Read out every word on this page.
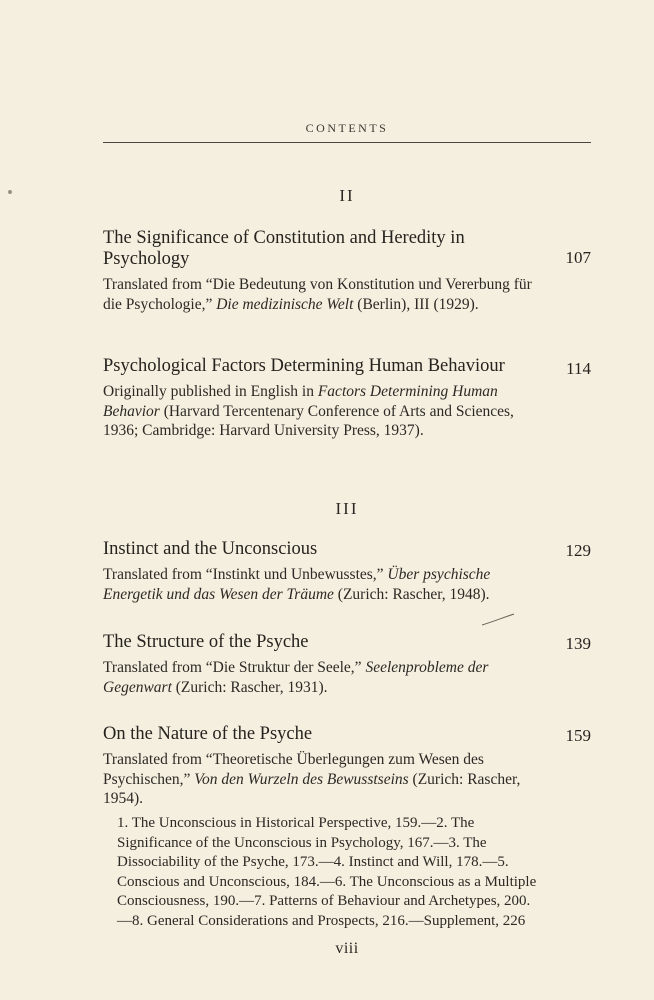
CONTENTS
II
The Significance of Constitution and Heredity in Psychology	107
Translated from “Die Bedeutung von Konstitution und Vererbung für die Psychologie,” Die medizinische Welt (Berlin), III (1929).
Psychological Factors Determining Human Behaviour	114
Originally published in English in Factors Determining Human Behavior (Harvard Tercentenary Conference of Arts and Sciences, 1936; Cambridge: Harvard University Press, 1937).
III
Instinct and the Unconscious	129
Translated from “Instinkt und Unbewusstes,” Über psychische Energetik und das Wesen der Träume (Zurich: Rascher, 1948).
The Structure of the Psyche	139
Translated from “Die Struktur der Seele,” Seelenprobleme der Gegenwart (Zurich: Rascher, 1931).
On the Nature of the Psyche	159
Translated from “Theoretische Überlegungen zum Wesen des Psychischen,” Von den Wurzeln des Bewusstseins (Zurich: Rascher, 1954).
1. The Unconscious in Historical Perspective, 159.—2. The Significance of the Unconscious in Psychology, 167.—3. The Dissociability of the Psyche, 173.—4. Instinct and Will, 178.—5. Conscious and Unconscious, 184.—6. The Unconscious as a Multiple Consciousness, 190.—7. Patterns of Behaviour and Archetypes, 200.—8. General Considerations and Prospects, 216.—Supplement, 226
viii
